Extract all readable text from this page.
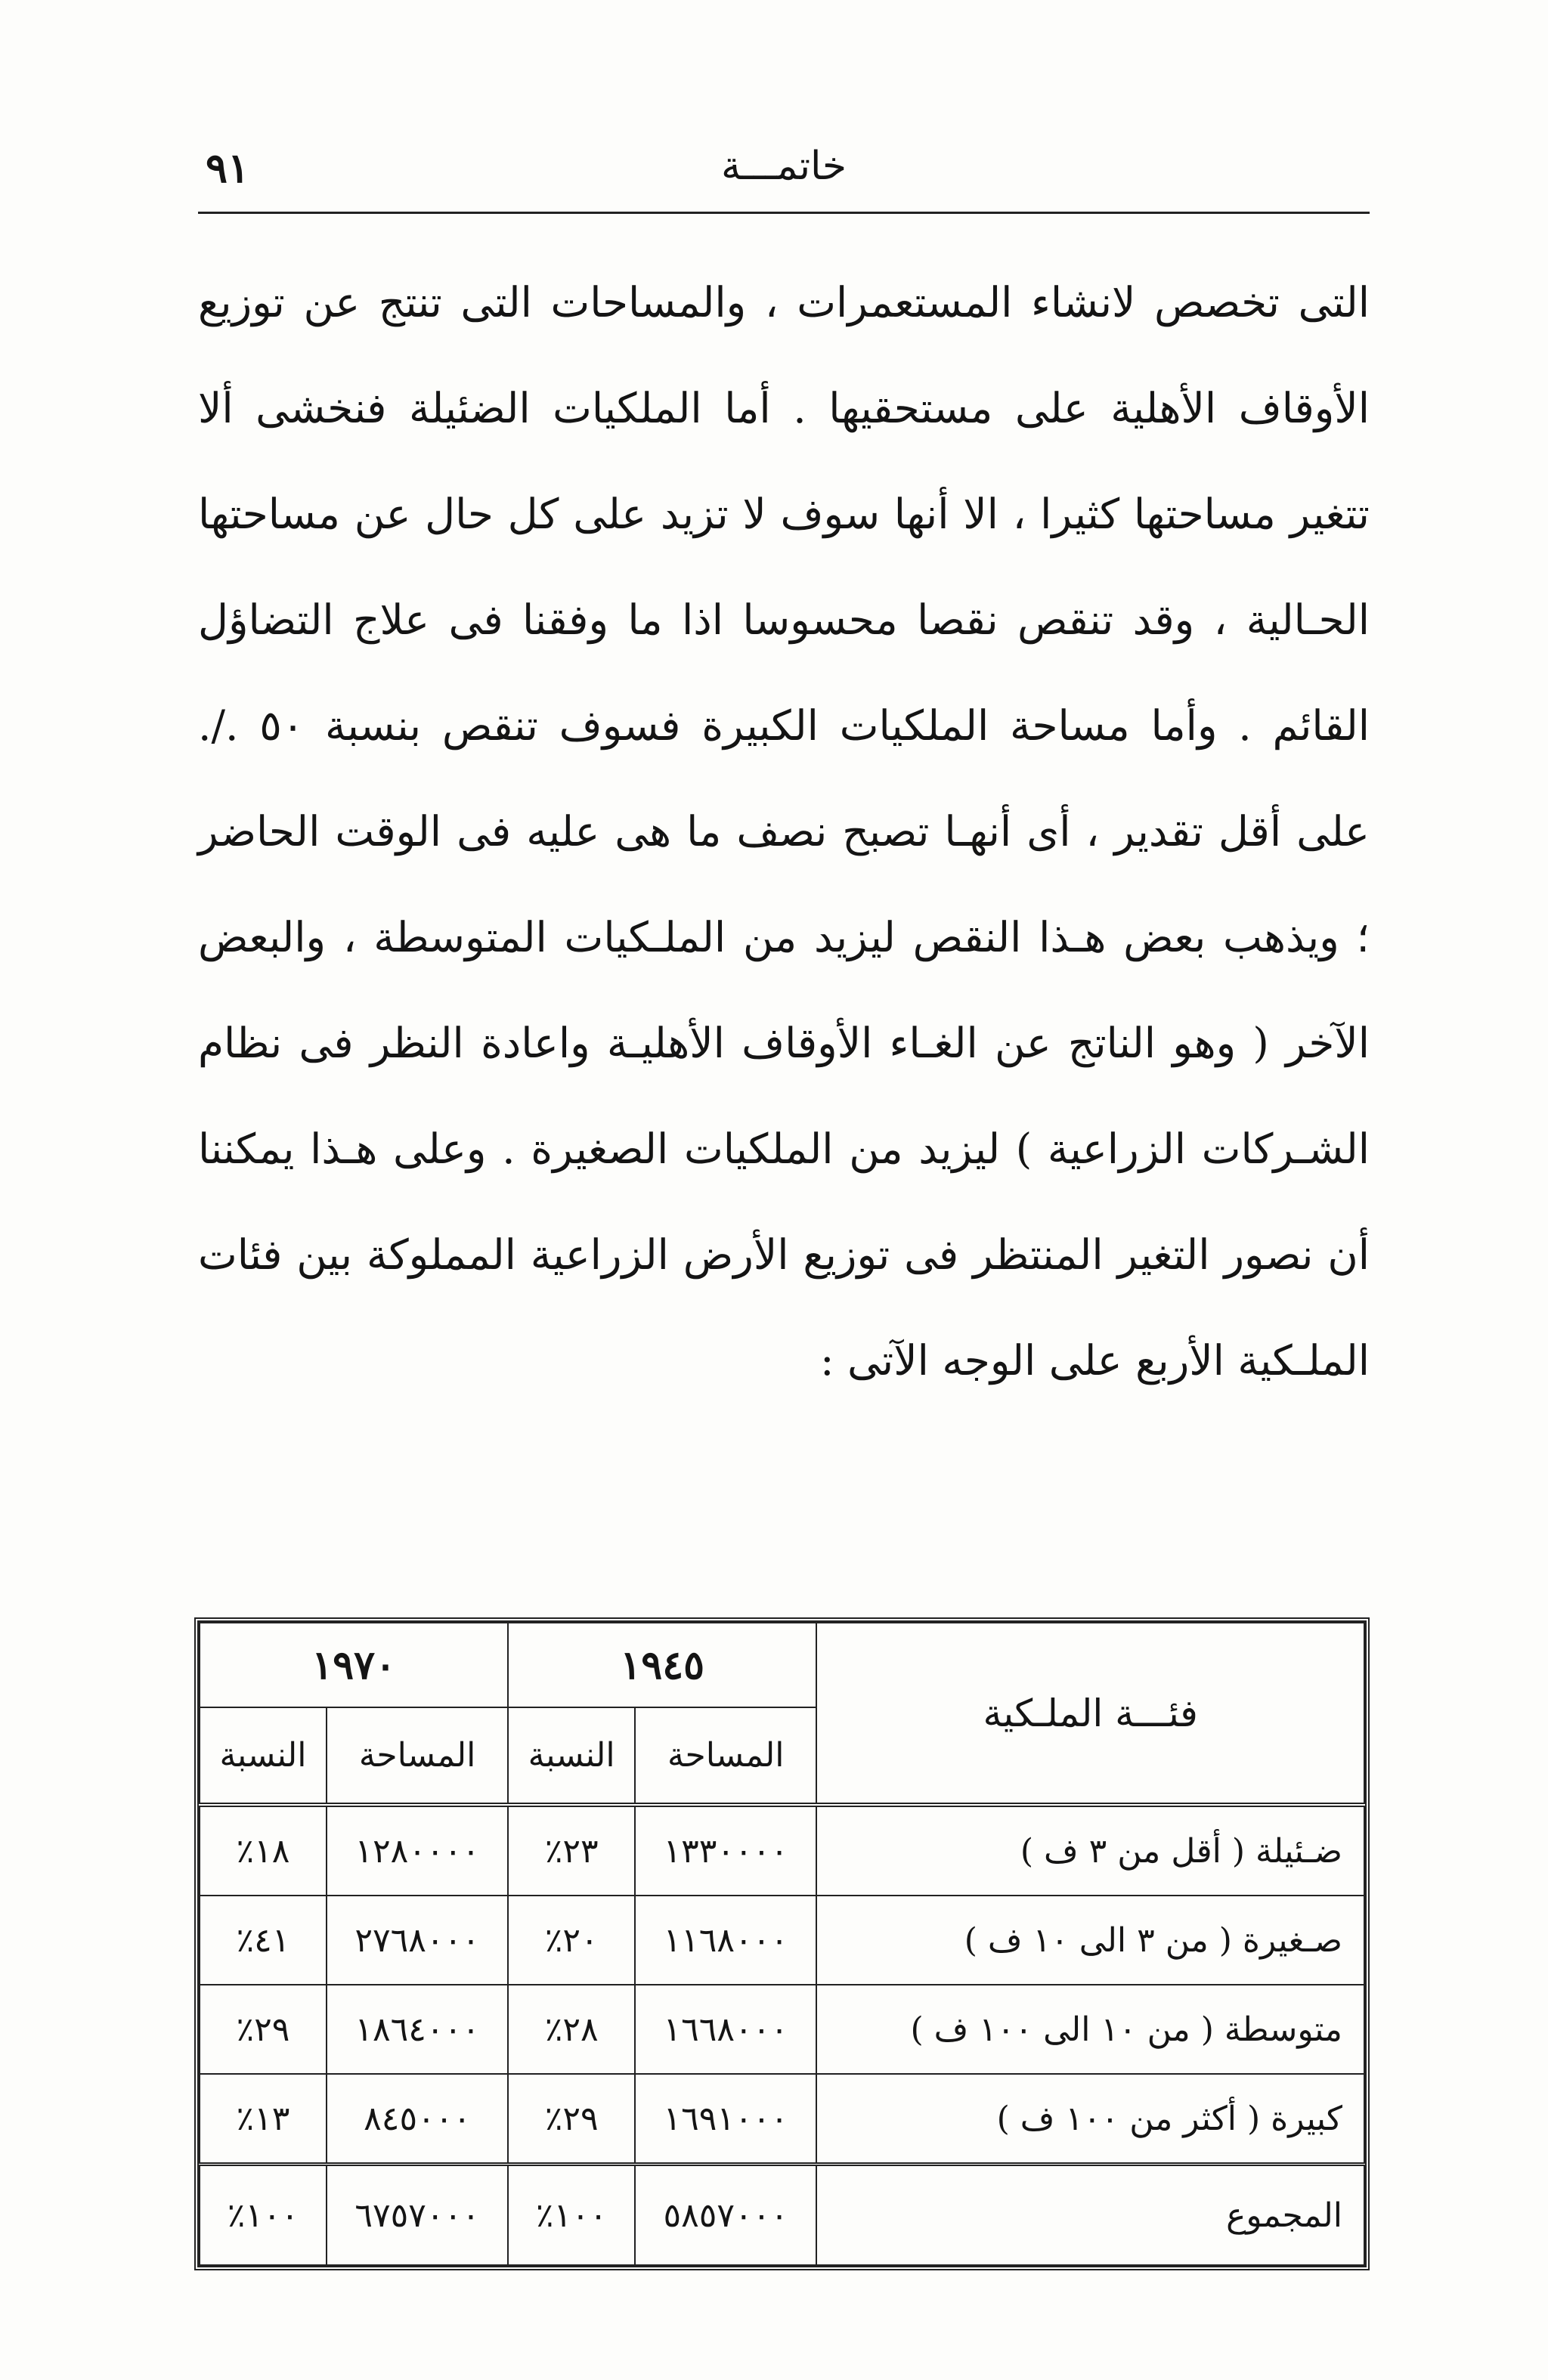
٩١	خاتمـــة

التى تخصص لانشاء المستعمرات ، والمساحات التى تنتج عن توزيع الأوقاف الأهلية على مستحقيها . أما الملكيات الضئيلة فنخشى ألا تتغير مساحتها كثيرا ، الا أنها سوف لا تزيد على كل حال عن مساحتها الحـالية ، وقد تنقص نقصا محسوسا اذا ما وفقنا فى علاج التضاؤل القائم . وأما مساحة الملكيات الكبيرة فسوف تنقص بنسبة ٥٠ ./. على أقل تقدير ، أى أنهـا تصبح نصف ما هى عليه فى الوقت الحاضر ؛ ويذهب بعض هـذا النقص ليزيد من الملـكيات المتوسطة ، والبعض الآخر ( وهو الناتج عن الغـاء الأوقاف الأهليـة واعادة النظر فى نظام الشـركات الزراعية ) ليزيد من الملكيات الصغيرة . وعلى هـذا يمكننا أن نصور التغير المنتظر فى توزيع الأرض الزراعية المملوكة بين فئات الملـكية الأربع على الوجه الآتى :

فئـــة الملـكية	١٩٤٥		١٩٧٠	
	المساحة	النسبة	المساحة	النسبة
ضـئيلة ( أقل من ٣ ف )	١٣٣٠٠٠٠	٢٣٪	١٢٨٠٠٠٠	١٨٪
صـغيرة ( من ٣ الى ١٠ ف )	١١٦٨٠٠٠	٢٠٪	٢٧٦٨٠٠٠	٤١٪
متوسطة ( من ١٠ الى ١٠٠ ف )	١٦٦٨٠٠٠	٢٨٪	١٨٦٤٠٠٠	٢٩٪
كبيرة ( أكثر من ١٠٠ ف )	١٦٩١٠٠٠	٢٩٪	٨٤٥٠٠٠	١٣٪
المجموع	٥٨٥٧٠٠٠	١٠٠٪	٦٧٥٧٠٠٠	١٠٠٪
